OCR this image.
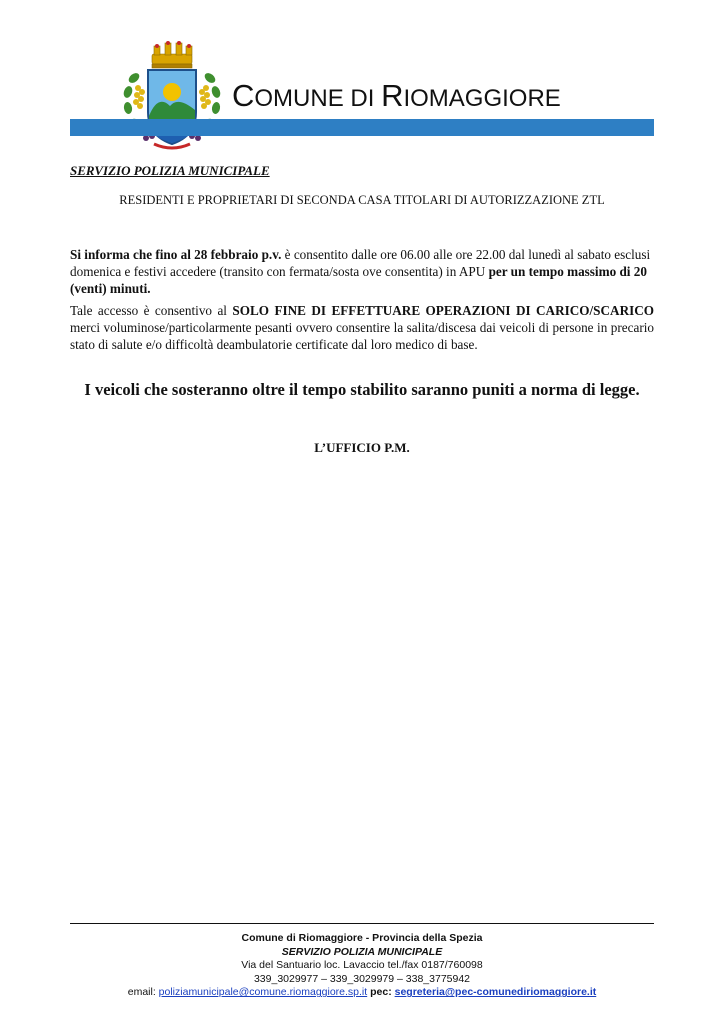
COMUNE DI RIOMAGGIORE
SERVIZIO POLIZIA MUNICIPALE
RESIDENTI E PROPRIETARI DI SECONDA CASA TITOLARI DI AUTORIZZAZIONE ZTL
Si informa che fino al 28 febbraio p.v. è consentito dalle ore 06.00 alle ore 22.00 dal lunedì al sabato esclusi domenica e festivi accedere (transito con fermata/sosta ove consentita) in APU per un tempo massimo di 20 (venti) minuti.
Tale accesso è consentivo al SOLO FINE DI EFFETTUARE OPERAZIONI DI CARICO/SCARICO merci voluminose/particolarmente pesanti ovvero consentire la salita/discesa dai veicoli di persone in precario stato di salute e/o difficoltà deambulatorie certificate dal loro medico di base.
I veicoli che sosteranno oltre il tempo stabilito saranno puniti a norma di legge.
L’UFFICIO P.M.
Comune di Riomaggiore - Provincia della Spezia
SERVIZIO POLIZIA MUNICIPALE
Via del Santuario loc. Lavaccio tel./fax 0187/760098
339_3029977 – 339_3029979 – 338_3775942
email: poliziamunicipale@comune.riomaggiore.sp.it pec: segreteria@pec-comunediriomaggiore.it
